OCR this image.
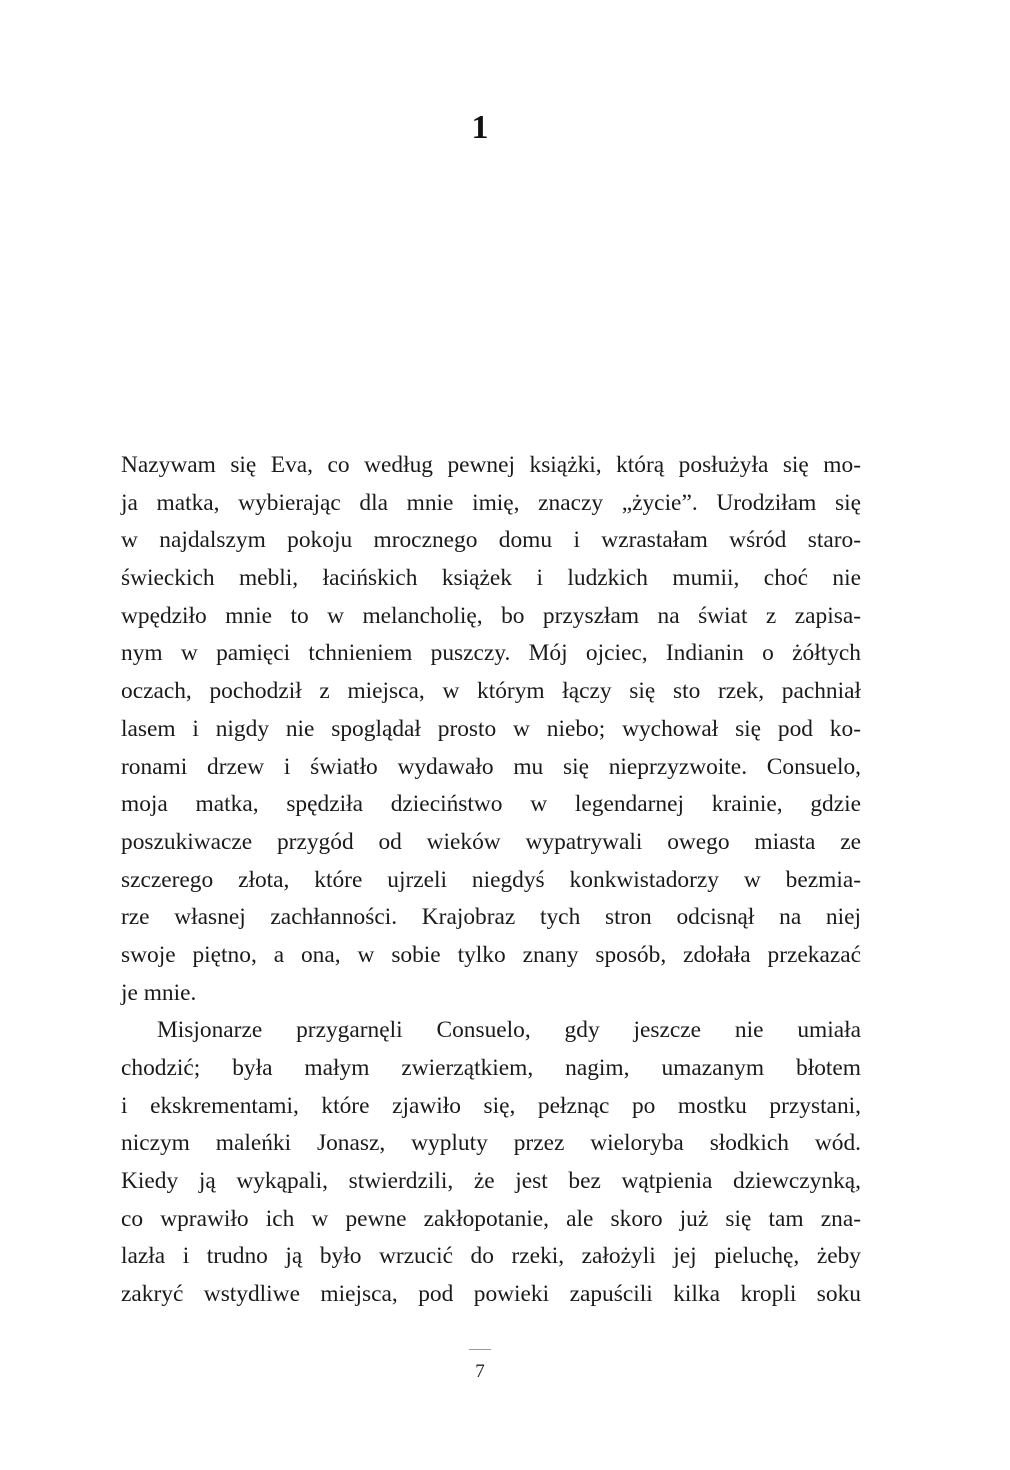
1
Nazywam się Eva, co według pewnej książki, którą posłużyła się mo-
ja matka, wybierając dla mnie imię, znaczy „życie”. Urodziłam się
w najdalszym pokoju mrocznego domu i wzrastałam wśród staro-
świeckich mebli, łacińskich książek i ludzkich mumii, choć nie
wpędziło mnie to w melancholię, bo przyszłam na świat z zapisa-
nym w pamięci tchnieniem puszczy. Mój ojciec, Indianin o żółtych
oczach, pochodził z miejsca, w którym łączy się sto rzek, pachniał
lasem i nigdy nie spoglądał prosto w niebo; wychował się pod ko-
ronami drzew i światło wydawało mu się nieprzyzwoite. Consuelo,
moja matka, spędziła dzieciństwo w legendarnej krainie, gdzie
poszukiwacze przygód od wieków wypatrywali owego miasta ze
szczerego złota, które ujrzeli niegdyś konkwistadorzy w bezmia-
rze własnej zachłanności. Krajobraz tych stron odcisnął na niej
swoje piętno, a ona, w sobie tylko znany sposób, zdołała przekazać
je mnie.
Misjonarze przygarnęli Consuelo, gdy jeszcze nie umiała
chodzić; była małym zwierzątkiem, nagim, umazanym błotem
i ekskrementami, które zjawiło się, pełznąc po mostku przystani,
niczym maleńki Jonasz, wypluty przez wieloryba słodkich wód.
Kiedy ją wykąpali, stwierdzili, że jest bez wątpienia dziewczynką,
co wprawiło ich w pewne zakłopotanie, ale skoro już się tam zna-
lazła i trudno ją było wrzucić do rzeki, założyli jej pieluchę, żeby
zakryć wstydliwe miejsca, pod powieki zapuścili kilka kropli soku
7
